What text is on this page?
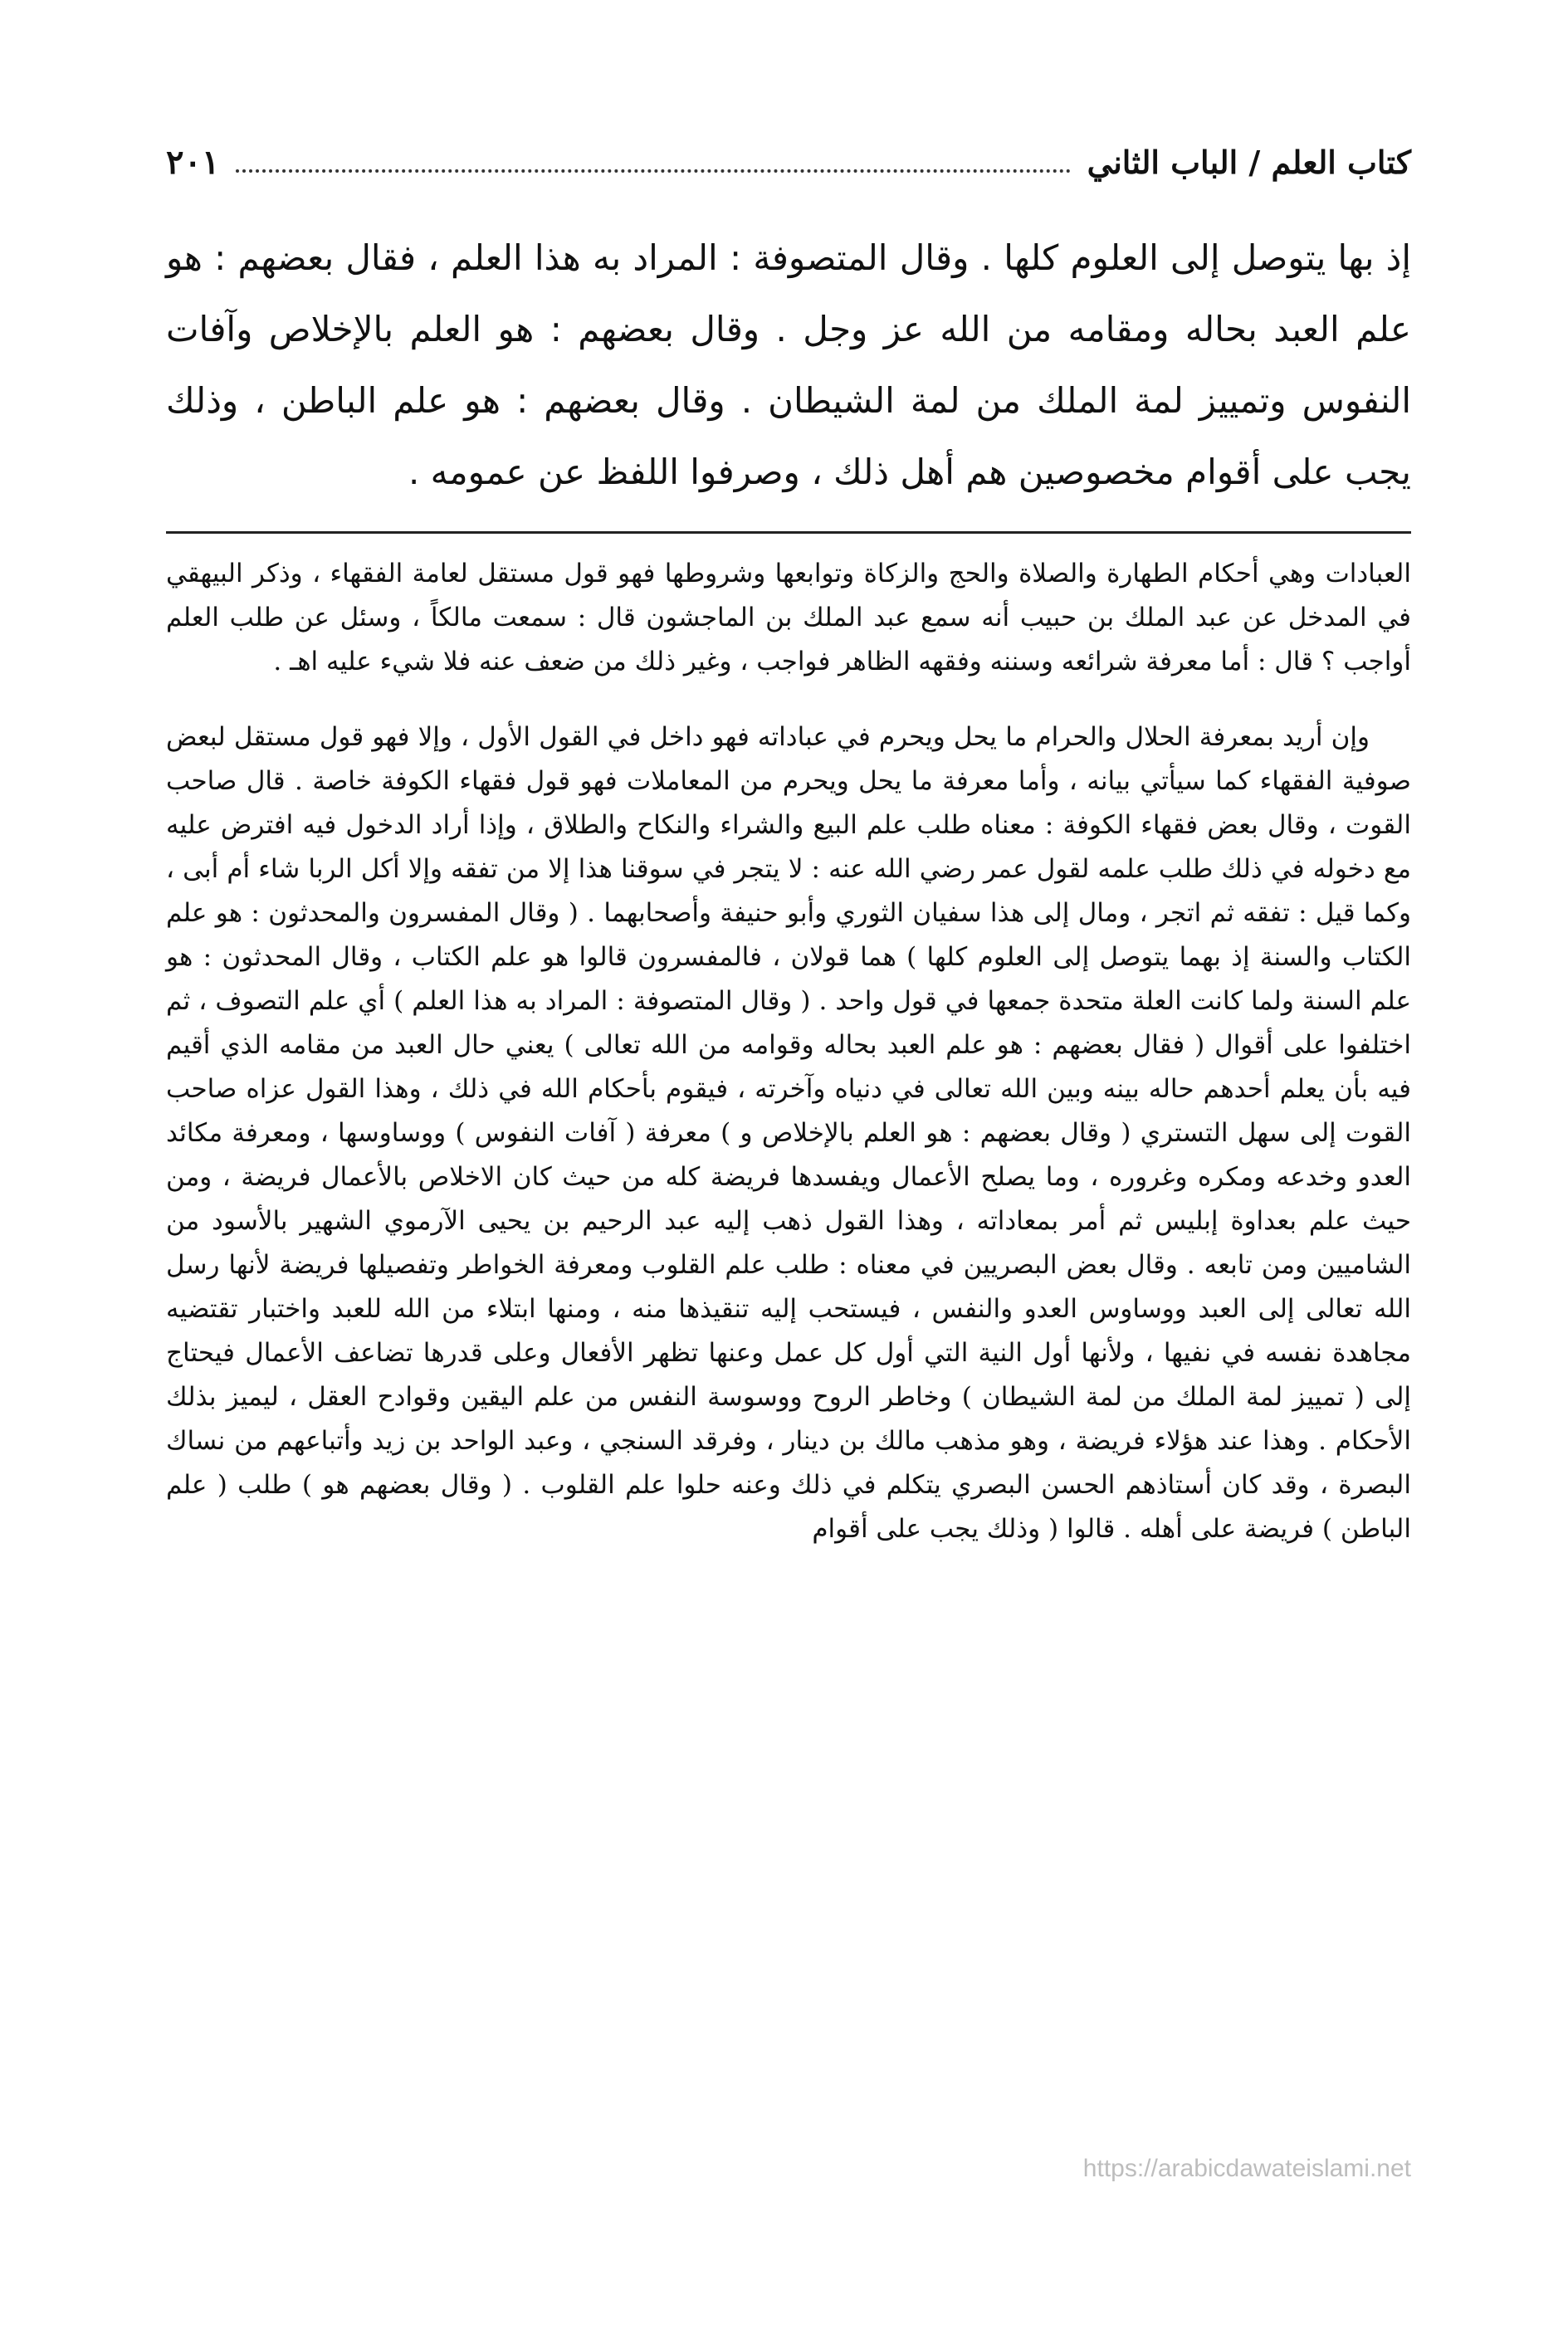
كتاب العلم / الباب الثاني
٢٠١

إذ بها يتوصل إلى العلوم كلها . وقال المتصوفة : المراد به هذا العلم ، فقال بعضهم : هو علم العبد بحاله ومقامه من الله عز وجل . وقال بعضهم : هو العلم بالإخلاص وآفات النفوس وتمييز لمة الملك من لمة الشيطان . وقال بعضهم : هو علم الباطن ، وذلك يجب على أقوام مخصوصين هم أهل ذلك ، وصرفوا اللفظ عن عمومه .

العبادات وهي أحكام الطهارة والصلاة والحج والزكاة وتوابعها وشروطها فهو قول مستقل لعامة الفقهاء ، وذكر البيهقي في المدخل عن عبد الملك بن حبيب أنه سمع عبد الملك بن الماجشون قال : سمعت مالكاً ، وسئل عن طلب العلم أواجب ؟ قال : أما معرفة شرائعه وسننه وفقهه الظاهر فواجب ، وغير ذلك من ضعف عنه فلا شيء عليه اهـ .

وإن أريد بمعرفة الحلال والحرام ما يحل ويحرم في عباداته فهو داخل في القول الأول ، وإلا فهو قول مستقل لبعض صوفية الفقهاء كما سيأتي بيانه ، وأما معرفة ما يحل ويحرم من المعاملات فهو قول فقهاء الكوفة خاصة . قال صاحب القوت ، وقال بعض فقهاء الكوفة : معناه طلب علم البيع والشراء والنكاح والطلاق ، وإذا أراد الدخول فيه افترض عليه مع دخوله في ذلك طلب علمه لقول عمر رضي الله عنه : لا يتجر في سوقنا هذا إلا من تفقه وإلا أكل الربا شاء أم أبى ، وكما قيل : تفقه ثم اتجر ، ومال إلى هذا سفيان الثوري وأبو حنيفة وأصحابهما . ( وقال المفسرون والمحدثون : هو علم الكتاب والسنة إذ بهما يتوصل إلى العلوم كلها ) هما قولان ، فالمفسرون قالوا هو علم الكتاب ، وقال المحدثون : هو علم السنة ولما كانت العلة متحدة جمعها في قول واحد . ( وقال المتصوفة : المراد به هذا العلم ) أي علم التصوف ، ثم اختلفوا على أقوال ( فقال بعضهم : هو علم العبد بحاله وقوامه من الله تعالى ) يعني حال العبد من مقامه الذي أقيم فيه بأن يعلم أحدهم حاله بينه وبين الله تعالى في دنياه وآخرته ، فيقوم بأحكام الله في ذلك ، وهذا القول عزاه صاحب القوت إلى سهل التستري ( وقال بعضهم : هو العلم بالإخلاص و ) معرفة ( آفات النفوس ) ووساوسها ، ومعرفة مكائد العدو وخدعه ومكره وغروره ، وما يصلح الأعمال ويفسدها فريضة كله من حيث كان الاخلاص بالأعمال فريضة ، ومن حيث علم بعداوة إبليس ثم أمر بمعاداته ، وهذا القول ذهب إليه عبد الرحيم بن يحيى الآرموي الشهير بالأسود من الشاميين ومن تابعه . وقال بعض البصريين في معناه : طلب علم القلوب ومعرفة الخواطر وتفصيلها فريضة لأنها رسل الله تعالى إلى العبد ووساوس العدو والنفس ، فيستحب إليه تنقيذها منه ، ومنها ابتلاء من الله للعبد واختبار تقتضيه مجاهدة نفسه في نفيها ، ولأنها أول النية التي أول كل عمل وعنها تظهر الأفعال وعلى قدرها تضاعف الأعمال فيحتاج إلى ( تمييز لمة الملك من لمة الشيطان ) وخاطر الروح ووسوسة النفس من علم اليقين وقوادح العقل ، ليميز بذلك الأحكام . وهذا عند هؤلاء فريضة ، وهو مذهب مالك بن دينار ، وفرقد السنجي ، وعبد الواحد بن زيد وأتباعهم من نساك البصرة ، وقد كان أستاذهم الحسن البصري يتكلم في ذلك وعنه حلوا علم القلوب . ( وقال بعضهم هو ) طلب ( علم الباطن ) فريضة على أهله . قالوا ( وذلك يجب على أقوام

https://arabicdawateislami.net
